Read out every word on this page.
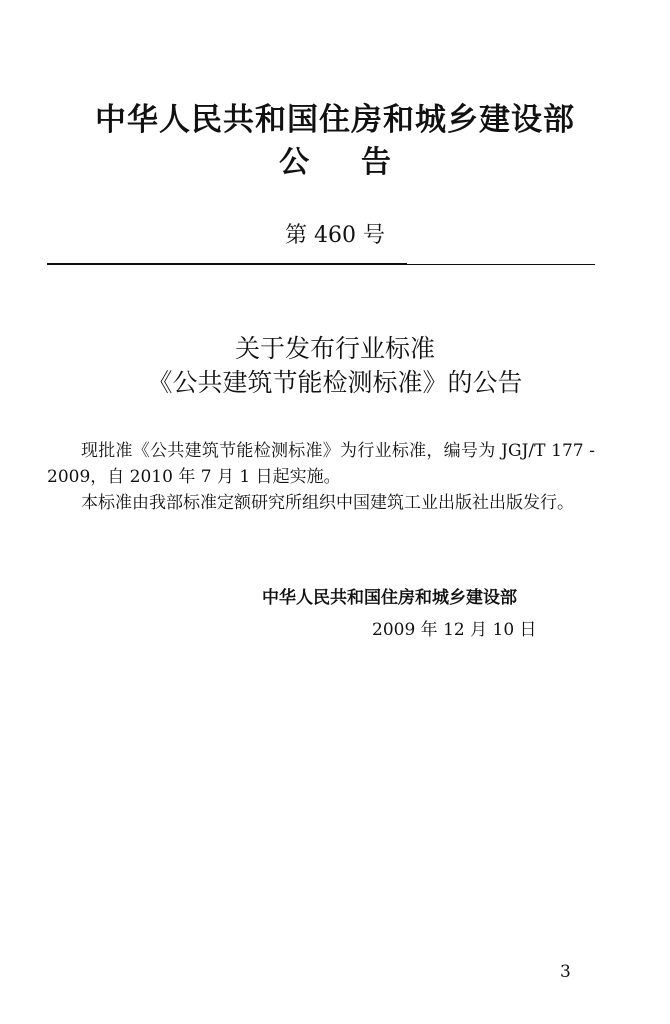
中华人民共和国住房和城乡建设部
公告
第 460 号
关于发布行业标准
《公共建筑节能检测标准》的公告

现批准《公共建筑节能检测标准》为行业标准，编号为 JGJ/T 177 - 2009，自 2010 年 7 月 1 日起实施。

本标准由我部标准定额研究所组织中国建筑工业出版社出版发行。

中华人民共和国住房和城乡建设部
2009 年 12 月 10 日
3
